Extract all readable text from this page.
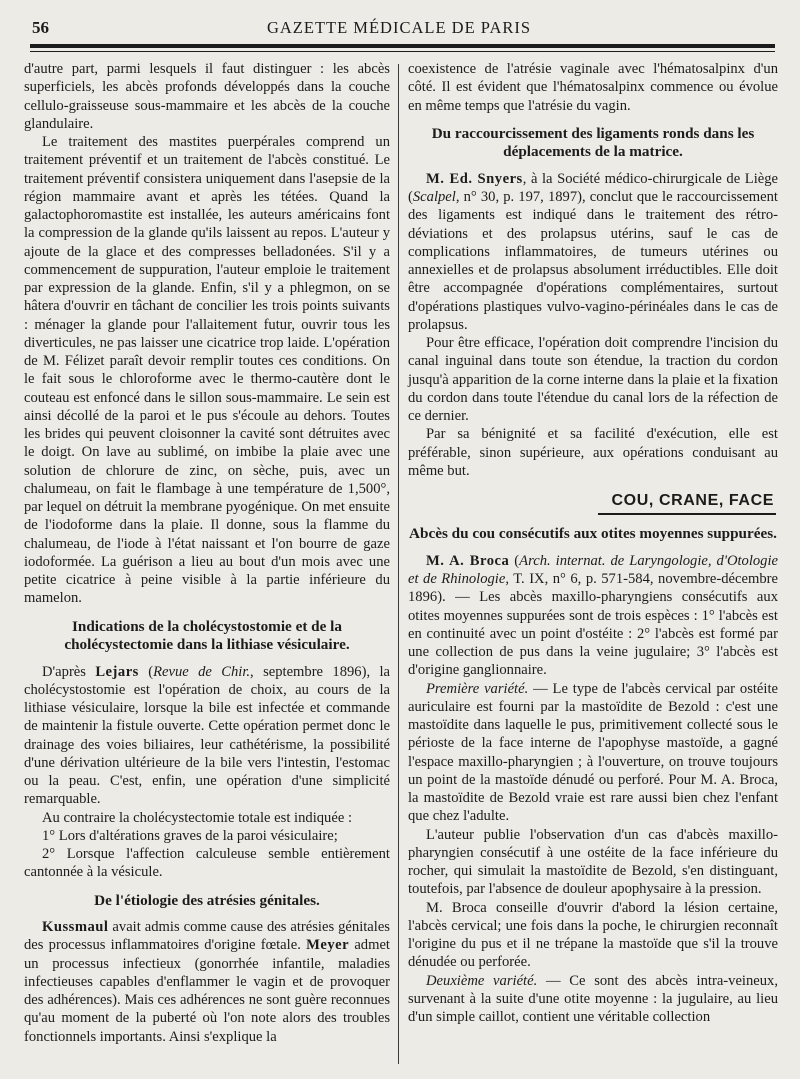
56	GAZETTE MÉDICALE DE PARIS

d'autre part, parmi lesquels il faut distinguer : les abcès superficiels, les abcès profonds développés dans la couche cellulo-graisseuse sous-mammaire et les abcès de la couche glandulaire.

Le traitement des mastites puerpérales comprend un traitement préventif et un traitement de l'abcès constitué. Le traitement préventif consistera uniquement dans l'asepsie de la région mammaire avant et après les tétées. Quand la galactophoromastite est installée, les auteurs américains font la compression de la glande qu'ils laissent au repos. L'auteur y ajoute de la glace et des compresses belladonées. S'il y a commencement de suppuration, l'auteur emploie le traitement par expression de la glande. Enfin, s'il y a phlegmon, on se hâtera d'ouvrir en tâchant de concilier les trois points suivants : ménager la glande pour l'allaitement futur, ouvrir tous les diverticules, ne pas laisser une cicatrice trop laide. L'opération de M. Félizet paraît devoir remplir toutes ces conditions. On le fait sous le chloroforme avec le thermo-cautère dont le couteau est enfoncé dans le sillon sous-mammaire. Le sein est ainsi décollé de la paroi et le pus s'écoule au dehors. Toutes les brides qui peuvent cloisonner la cavité sont détruites avec le doigt. On lave au sublimé, on imbibe la plaie avec une solution de chlorure de zinc, on sèche, puis, avec un chalumeau, on fait le flambage à une température de 1,500°, par lequel on détruit la membrane pyogénique. On met ensuite de l'iodoforme dans la plaie. Il donne, sous la flamme du chalumeau, de l'iode à l'état naissant et l'on bourre de gaze iodoformée. La guérison a lieu au bout d'un mois avec une petite cicatrice à peine visible à la partie inférieure du mamelon.

Indications de la cholécystostomie et de la cholécystectomie dans la lithiase vésiculaire.

D'après Lejars (Revue de Chir., septembre 1896), la cholécystostomie est l'opération de choix, au cours de la lithiase vésiculaire, lorsque la bile est infectée et commande de maintenir la fistule ouverte. Cette opération permet donc le drainage des voies biliaires, leur cathétérisme, la possibilité d'une dérivation ultérieure de la bile vers l'intestin, l'estomac ou la peau. C'est, enfin, une opération d'une simplicité remarquable.

Au contraire la cholécystectomie totale est indiquée :

1° Lors d'altérations graves de la paroi vésiculaire;

2° Lorsque l'affection calculeuse semble entièrement cantonnée à la vésicule.

De l'étiologie des atrésies génitales.

Kussmaul avait admis comme cause des atrésies génitales des processus inflammatoires d'origine fœtale. Meyer admet un processus infectieux (gonorrhée infantile, maladies infectieuses capables d'enflammer le vagin et de provoquer des adhérences). Mais ces adhérences ne sont guère reconnues qu'au moment de la puberté où l'on note alors des troubles fonctionnels importants. Ainsi s'explique la

coexistence de l'atrésie vaginale avec l'hématosalpinx d'un côté. Il est évident que l'hématosalpinx commence ou évolue en même temps que l'atrésie du vagin.

Du raccourcissement des ligaments ronds dans les déplacements de la matrice.

M. Ed. Snyers, à la Société médico-chirurgicale de Liège (Scalpel, n° 30, p. 197, 1897), conclut que le raccourcissement des ligaments est indiqué dans le traitement des rétro-déviations et des prolapsus utérins, sauf le cas de complications inflammatoires, de tumeurs utérines ou annexielles et de prolapsus absolument irréductibles. Elle doit être accompagnée d'opérations complémentaires, surtout d'opérations plastiques vulvo-vagino-périnéales dans le cas de prolapsus.

Pour être efficace, l'opération doit comprendre l'incision du canal inguinal dans toute son étendue, la traction du cordon jusqu'à apparition de la corne interne dans la plaie et la fixation du cordon dans toute l'étendue du canal lors de la réfection de ce dernier.

Par sa bénignité et sa facilité d'exécution, elle est préférable, sinon supérieure, aux opérations conduisant au même but.

COU, CRANE, FACE
Abcès du cou consécutifs aux otites moyennes suppurées.

M. A. Broca (Arch. internat. de Laryngologie, d'Otologie et de Rhinologie, T. IX, n° 6, p. 571-584, novembre-décembre 1896). — Les abcès maxillo-pharyngiens consécutifs aux otites moyennes suppurées sont de trois espèces : 1° l'abcès est en continuité avec un point d'ostéite : 2° l'abcès est formé par une collection de pus dans la veine jugulaire; 3° l'abcès est d'origine ganglionnaire.

Première variété. — Le type de l'abcès cervical par ostéite auriculaire est fourni par la mastoïdite de Bezold : c'est une mastoïdite dans laquelle le pus, primitivement collecté sous le périoste de la face interne de l'apophyse mastoïde, a gagné l'espace maxillo-pharyngien ; à l'ouverture, on trouve toujours un point de la mastoïde dénudé ou perforé. Pour M. A. Broca, la mastoïdite de Bezold vraie est rare aussi bien chez l'enfant que chez l'adulte.

L'auteur publie l'observation d'un cas d'abcès maxillo-pharyngien consécutif à une ostéite de la face inférieure du rocher, qui simulait la mastoïdite de Bezold, s'en distinguant, toutefois, par l'absence de douleur apophysaire à la pression.

M. Broca conseille d'ouvrir d'abord la lésion certaine, l'abcès cervical; une fois dans la poche, le chirurgien reconnaît l'origine du pus et il ne trépane la mastoïde que s'il la trouve dénudée ou perforée.

Deuxième variété. — Ce sont des abcès intra-veineux, survenant à la suite d'une otite moyenne : la jugulaire, au lieu d'un simple caillot, contient une véritable collection
